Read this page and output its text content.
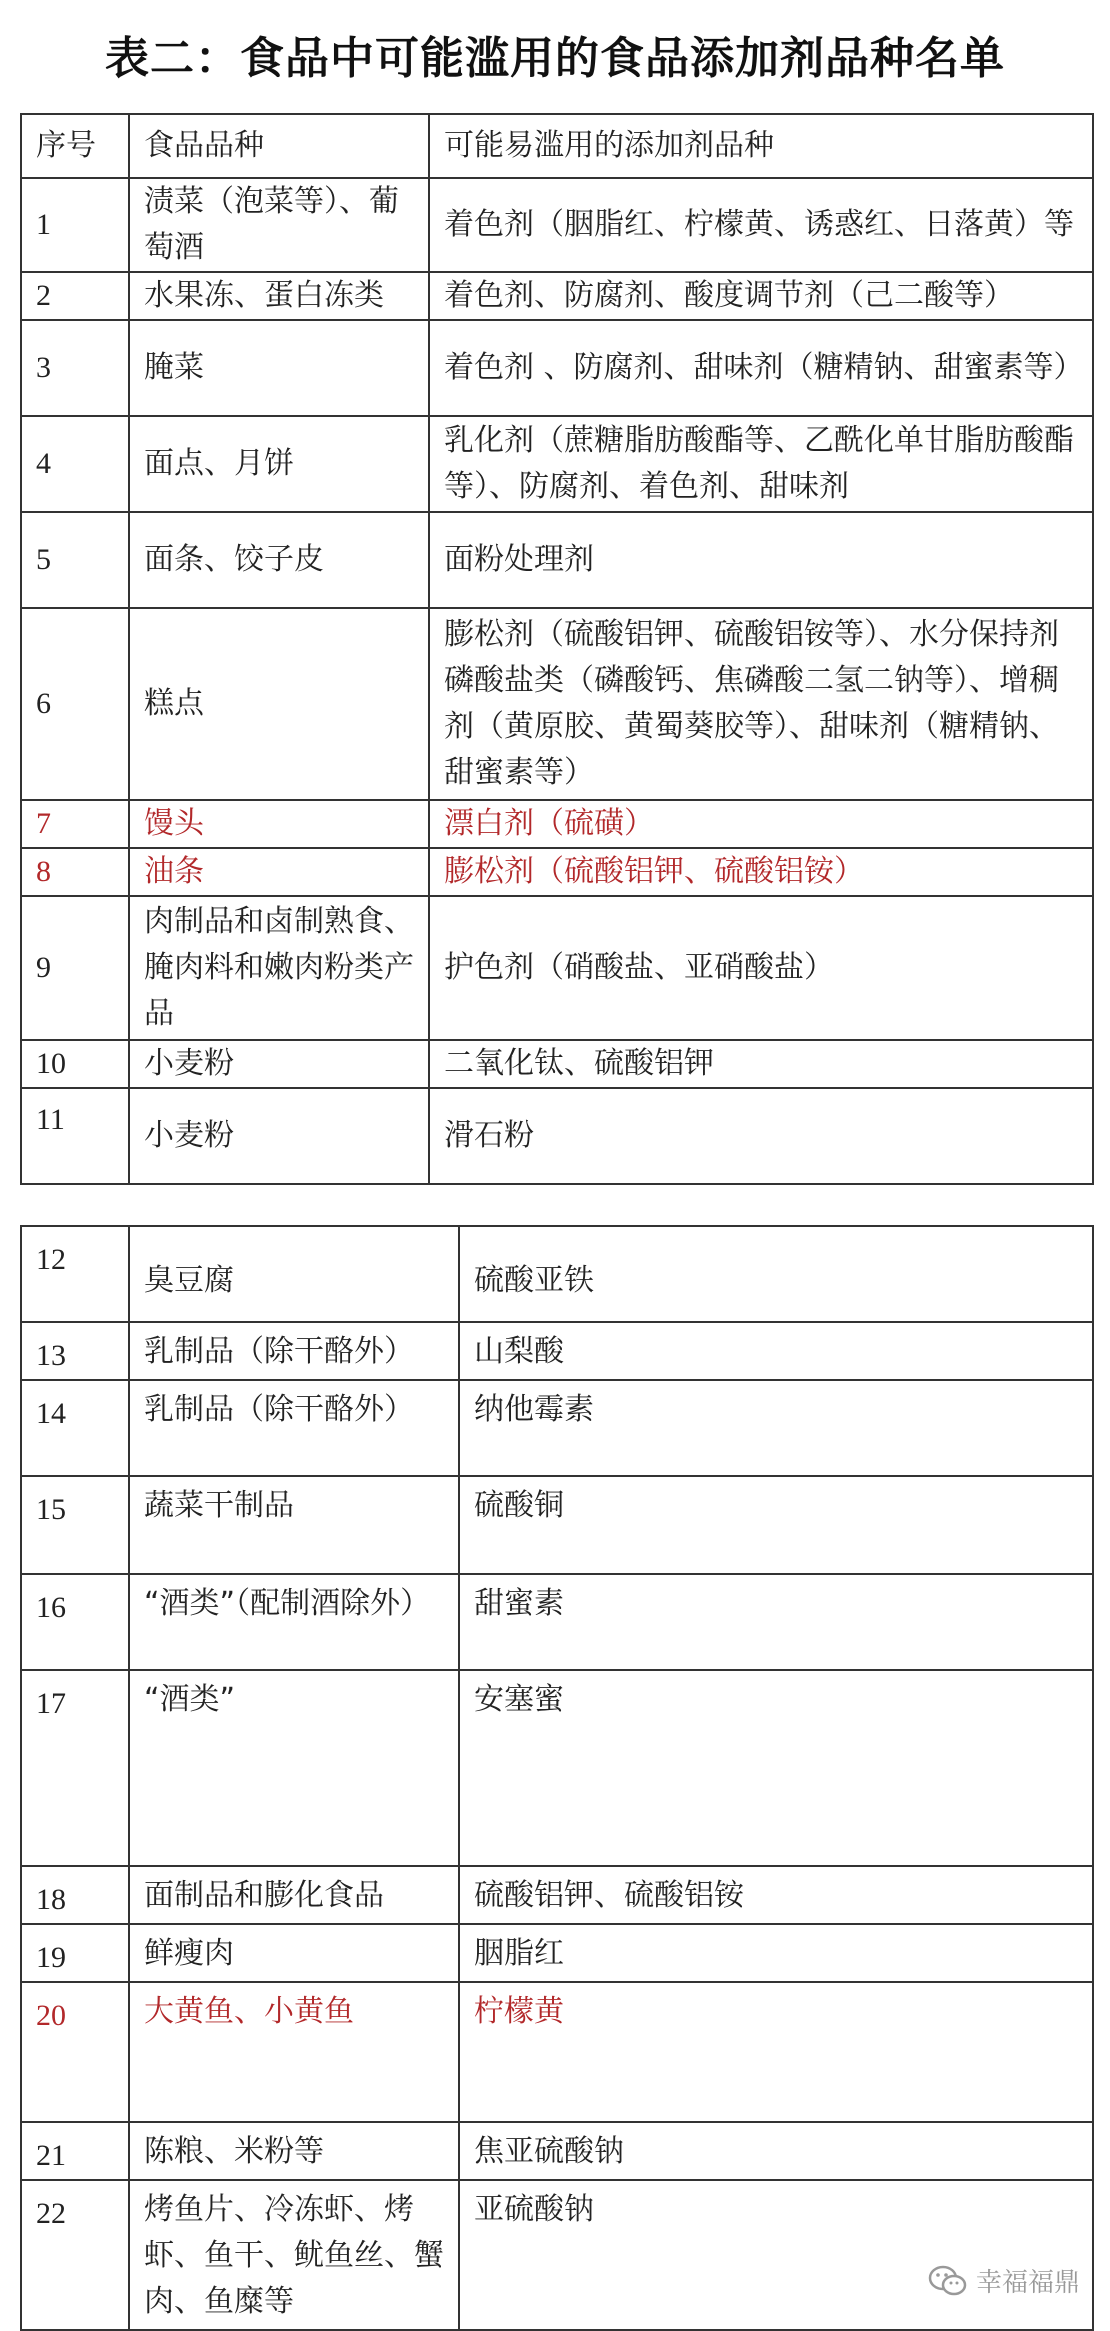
表二：食品中可能滥用的食品添加剂品种名单
序号	食品品种	可能易滥用的添加剂品种
1	渍菜（泡菜等）、葡萄酒	着色剂（胭脂红、柠檬黄、诱惑红、日落黄）等
2	水果冻、蛋白冻类	着色剂、防腐剂、酸度调节剂（己二酸等）
3	腌菜	着色剂 、防腐剂、甜味剂（糖精钠、甜蜜素等）
4	面点、月饼	乳化剂（蔗糖脂肪酸酯等、乙酰化单甘脂肪酸酯等）、防腐剂、着色剂、甜味剂
5	面条、饺子皮	面粉处理剂
6	糕点	膨松剂（硫酸铝钾、硫酸铝铵等）、水分保持剂磷酸盐类（磷酸钙、焦磷酸二氢二钠等）、增稠剂（黄原胶、黄蜀葵胶等）、甜味剂（糖精钠、甜蜜素等）
7	馒头	漂白剂（硫磺）
8	油条	膨松剂（硫酸铝钾、硫酸铝铵）
9	肉制品和卤制熟食、腌肉料和嫩肉粉类产品	护色剂（硝酸盐、亚硝酸盐）
10	小麦粉	二氧化钛、硫酸铝钾
11	小麦粉	滑石粉
12	臭豆腐	硫酸亚铁
13	乳制品（除干酪外）	山梨酸
14	乳制品（除干酪外）	纳他霉素
15	蔬菜干制品	硫酸铜
16	“酒类”（配制酒除外）	甜蜜素
17	“酒类”	安塞蜜
18	面制品和膨化食品	硫酸铝钾、硫酸铝铵
19	鲜瘦肉	胭脂红
20	大黄鱼、小黄鱼	柠檬黄
21	陈粮、米粉等	焦亚硫酸钠
22	烤鱼片、冷冻虾、烤虾、鱼干、鱿鱼丝、蟹肉、鱼糜等	亚硫酸钠
幸福福鼎
